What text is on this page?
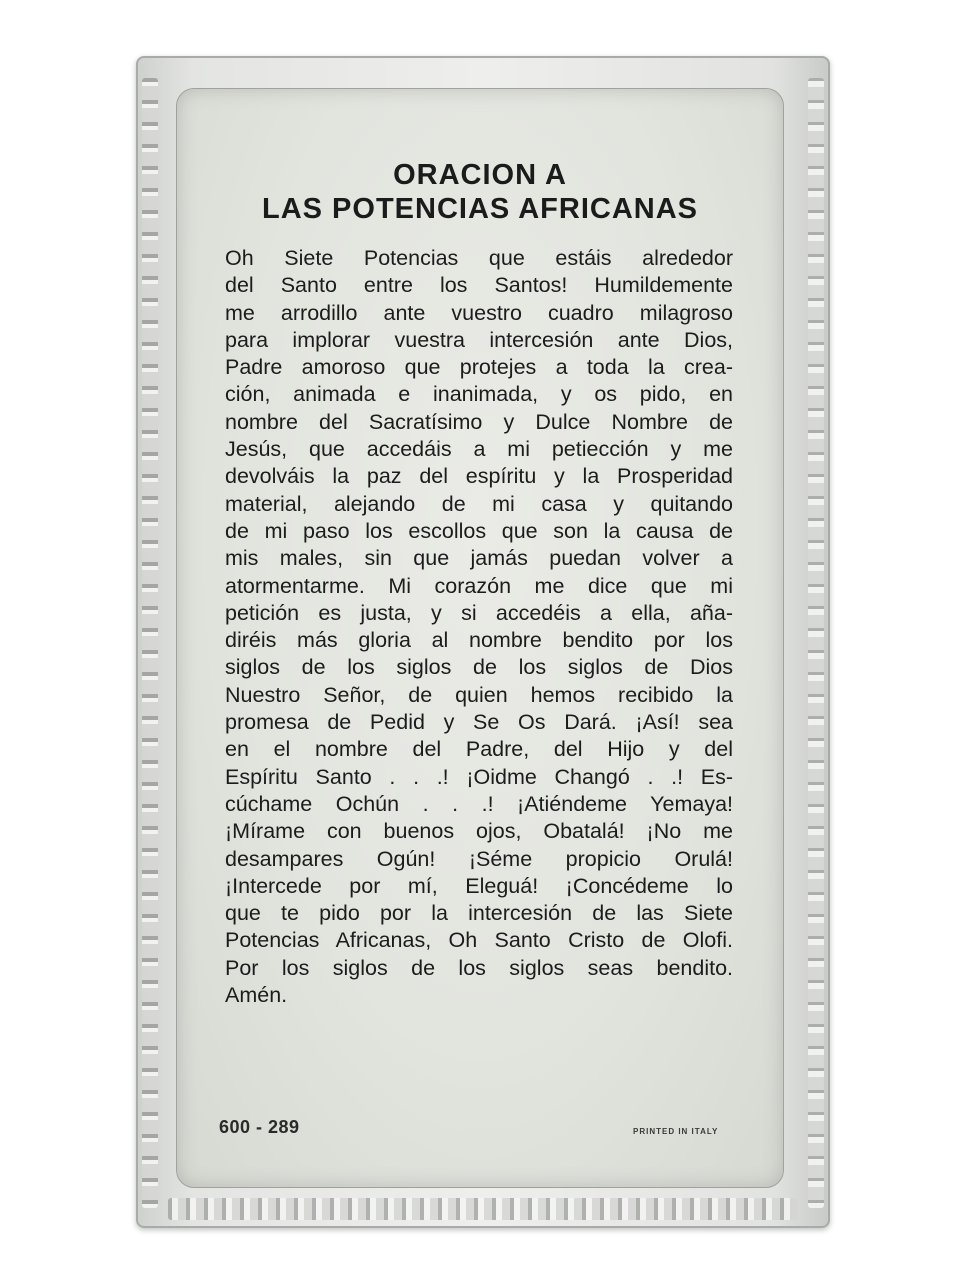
ORACION A
LAS POTENCIAS AFRICANAS
Oh Siete Potencias que estáis alrededor
del Santo entre los Santos! Humildemente
me arrodillo ante vuestro cuadro milagroso
para implorar vuestra intercesión ante Dios,
Padre amoroso que protejes a toda la crea-
ción, animada e inanimada, y os pido, en
nombre del Sacratísimo y Dulce Nombre de
Jesús, que accedáis a mi petiección y me
devolváis la paz del espíritu y la Prosperidad
material, alejando de mi casa y quitando
de mi paso los escollos que son la causa de
mis males, sin que jamás puedan volver a
atormentarme. Mi corazón me dice que mi
petición es justa, y si accedéis a ella, aña-
diréis más gloria al nombre bendito por los
siglos de los siglos de los siglos de Dios
Nuestro Señor, de quien hemos recibido la
promesa de Pedid y Se Os Dará. ¡Así! sea
en el nombre del Padre, del Hijo y del
Espíritu Santo . . .! ¡Oidme Changó . .! Es-
cúchame Ochún . . .! ¡Atiéndeme Yemaya!
¡Mírame con buenos ojos, Obatalá! ¡No me
desampares Ogún! ¡Séme propicio Orulá!
¡Intercede por mí, Eleguá! ¡Concédeme lo
que te pido por la intercesión de las Siete
Potencias Africanas, Oh Santo Cristo de Olofi.
Por los siglos de los siglos seas bendito.
Amén.
600 - 289	PRINTED IN ITALY
